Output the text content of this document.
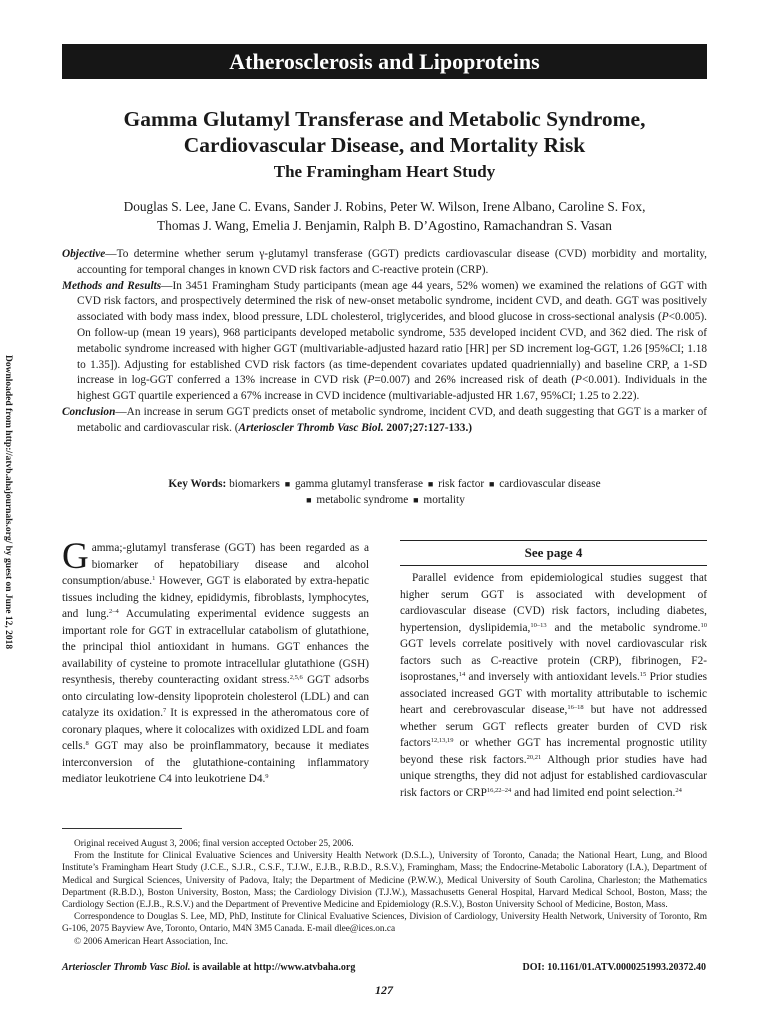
Atherosclerosis and Lipoproteins
Gamma Glutamyl Transferase and Metabolic Syndrome,
Cardiovascular Disease, and Mortality Risk
The Framingham Heart Study
Douglas S. Lee, Jane C. Evans, Sander J. Robins, Peter W. Wilson, Irene Albano, Caroline S. Fox,
Thomas J. Wang, Emelia J. Benjamin, Ralph B. D’Agostino, Ramachandran S. Vasan

Objective—To determine whether serum γ-glutamyl transferase (GGT) predicts cardiovascular disease (CVD) morbidity and mortality, accounting for temporal changes in known CVD risk factors and C-reactive protein (CRP).

Methods and Results—In 3451 Framingham Study participants (mean age 44 years, 52% women) we examined the relations of GGT with CVD risk factors, and prospectively determined the risk of new-onset metabolic syndrome, incident CVD, and death. GGT was positively associated with body mass index, blood pressure, LDL cholesterol, triglycerides, and blood glucose in cross-sectional analysis (P<0.005). On follow-up (mean 19 years), 968 participants developed metabolic syndrome, 535 developed incident CVD, and 362 died. The risk of metabolic syndrome increased with higher GGT (multivariable-adjusted hazard ratio [HR] per SD increment log-GGT, 1.26 [95%CI; 1.18 to 1.35]). Adjusting for established CVD risk factors (as time-dependent covariates updated quadriennially) and baseline CRP, a 1-SD increase in log-GGT conferred a 13% increase in CVD risk (P=0.007) and 26% increased risk of death (P<0.001). Individuals in the highest GGT quartile experienced a 67% increase in CVD incidence (multivariable-adjusted HR 1.67, 95%CI; 1.25 to 2.22).

Conclusion—An increase in serum GGT predicts onset of metabolic syndrome, incident CVD, and death suggesting that GGT is a marker of metabolic and cardiovascular risk. (Arterioscler Thromb Vasc Biol. 2007;27:127-133.)

Key Words: biomarkers ■ gamma glutamyl transferase ■ risk factor ■ cardiovascular disease
■ metabolic syndrome ■ mortality
Downloaded from http://atvb.ahajournals.org/ by guest on June 12, 2018 Gamma;-glutamyl transferase (GGT) has been regarded as a biomarker of hepatobiliary disease and alcohol consumption/abuse.$^1$ However, GGT is elaborated by extra-hepatic tissues including the kidney, epididymis, fibroblasts, lymphocytes, and lung.$^{2-4}$ Accumulating experimental evidence suggests an important role for GGT in extracellular catabolism of glutathione, the principal thiol antioxidant in humans. GGT enhances the availability of cysteine to promote intracellular glutathione (GSH) resynthesis, thereby counteracting oxidant stress.$^{2,5,6}$ GGT adsorbs onto circulating low-density lipoprotein cholesterol (LDL) and can catalyze its oxidation.$^7$ It is expressed in the atheromatous core of coronary plaques, where it colocalizes with oxidized LDL and foam cells.$^8$ GGT may also be proinflammatory, because it mediates interconversion of the glutathione-containing inflammatory mediator leukotriene C4 into leukotriene D4.$^9$
See page 4

Parallel evidence from epidemiological studies suggest that higher serum GGT is associated with development of cardiovascular disease (CVD) risk factors, including diabetes, hypertension, dyslipidemia,$^{10-13}$ and the metabolic syndrome.$^{10}$ GGT levels correlate positively with novel cardiovascular risk factors such as C-reactive protein (CRP), fibrinogen, F2-isoprostanes,$^{14}$ and inversely with antioxidant levels.$^{15}$ Prior studies associated increased GGT with mortality attributable to ischemic heart and cerebrovascular disease,$^{16-18}$ but have not addressed whether serum GGT reflects greater burden of CVD risk factors$^{12,13,19}$ or whether GGT has incremental prognostic utility beyond these risk factors.$^{20,21}$ Although prior studies have had unique strengths, they did not adjust for established cardiovascular risk factors or CRP$^{16,22-24}$ and had limited end point selection.$^{24}$

Original received August 3, 2006; final version accepted October 25, 2006.

From the Institute for Clinical Evaluative Sciences and University Health Network (D.S.L.), University of Toronto, Canada; the National Heart, Lung, and Blood Institute’s Framingham Heart Study (J.C.E., S.J.R., C.S.F., T.J.W., E.J.B., R.B.D., R.S.V.), Framingham, Mass; the Endocrine-Metabolic Laboratory (I.A.), Department of Medical and Surgical Sciences, University of Padova, Italy; the Department of Medicine (P.W.W.), Medical University of South Carolina, Charleston; the Mathematics Department (R.B.D.), Boston University, Boston, Mass; the Cardiology Division (T.J.W.), Massachusetts General Hospital, Harvard Medical School, Boston, Mass; the Cardiology Section (E.J.B., R.S.V.) and the Department of Preventive Medicine and Epidemiology (R.S.V.), Boston University School of Medicine, Boston, Mass.

Correspondence to Douglas S. Lee, MD, PhD, Institute for Clinical Evaluative Sciences, Division of Cardiology, University Health Network, University of Toronto, Rm G-106, 2075 Bayview Ave, Toronto, Ontario, M4N 3M5 Canada. E-mail dlee@ices.on.ca

© 2006 American Heart Association, Inc.

Arterioscler Thromb Vasc Biol. is available at http://www.atvbaha.org	DOI: 10.1161/01.ATV.0000251993.20372.40
127
